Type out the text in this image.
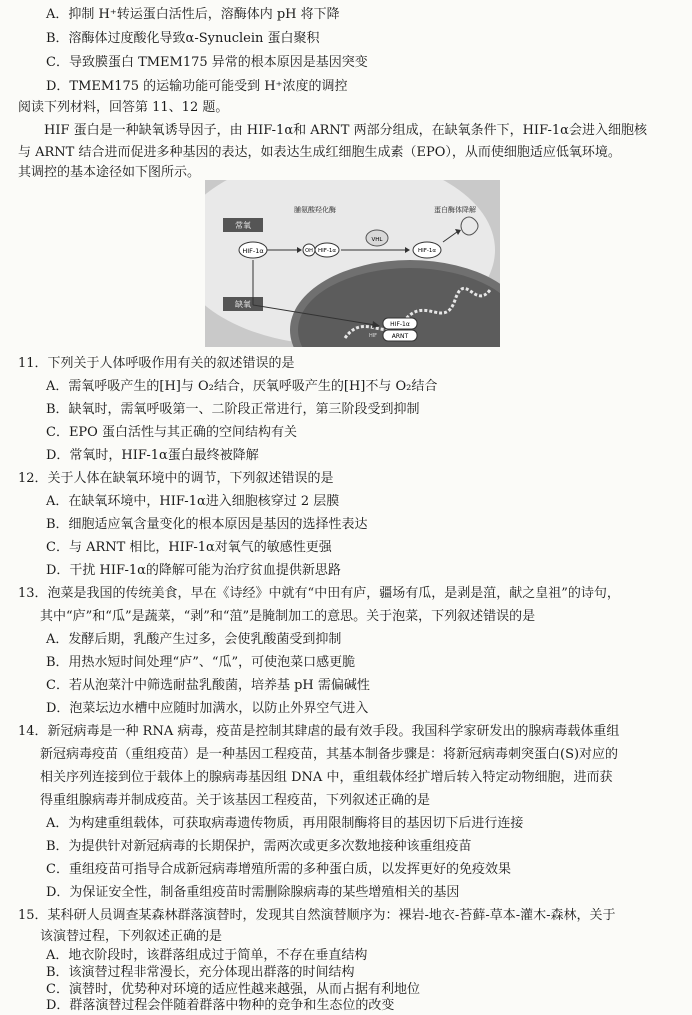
A．抑制 H⁺转运蛋白活性后，溶酶体内 pH 将下降
B．溶酶体过度酸化导致α-Synuclein 蛋白聚积
C．导致膜蛋白 TMEM175 异常的根本原因是基因突变
D．TMEM175 的运输功能可能受到 H⁺浓度的调控
阅读下列材料，回答第 11、12 题。
HIF 蛋白是一种缺氧诱导因子，由 HIF-1α和 ARNT 两部分组成，在缺氧条件下，HIF-1α会进入细胞核
与 ARNT 结合进而促进多种基因的表达，如表达生成红细胞生成素（EPO），从而使细胞适应低氧环境。
其调控的基本途径如下图所示。
常氧
脯氨酸羟化酶	蛋白酶体降解
HIF-1α	OH HIF-1α
VHL
HIF-1α
缺氧
HIF-1α
ARNT
HIF
11．下列关于人体呼吸作用有关的叙述错误的是
A．需氧呼吸产生的[H]与 O₂结合，厌氧呼吸产生的[H]不与 O₂结合
B．缺氧时，需氧呼吸第一、二阶段正常进行，第三阶段受到抑制
C．EPO 蛋白活性与其正确的空间结构有关
D．常氧时，HIF-1α蛋白最终被降解
12．关于人体在缺氧环境中的调节，下列叙述错误的是
A．在缺氧环境中，HIF-1α进入细胞核穿过 2 层膜
B．细胞适应氧含量变化的根本原因是基因的选择性表达
C．与 ARNT 相比，HIF-1α对氧气的敏感性更强
D．干扰 HIF-1α的降解可能为治疗贫血提供新思路
13．泡菜是我国的传统美食，早在《诗经》中就有“中田有庐，疆场有瓜，是剥是菹，献之皇祖”的诗句，
其中“庐”和“瓜”是蔬菜，“剥”和“菹”是腌制加工的意思。关于泡菜，下列叙述错误的是
A．发酵后期，乳酸产生过多，会使乳酸菌受到抑制
B．用热水短时间处理“庐”、“瓜”，可使泡菜口感更脆
C．若从泡菜汁中筛选耐盐乳酸菌，培养基 pH 需偏碱性
D．泡菜坛边水槽中应随时加满水，以防止外界空气进入
14．新冠病毒是一种 RNA 病毒，疫苗是控制其肆虐的最有效手段。我国科学家研发出的腺病毒载体重组
新冠病毒疫苗（重组疫苗）是一种基因工程疫苗，其基本制备步骤是：将新冠病毒刺突蛋白(S)对应的
相关序列连接到位于载体上的腺病毒基因组 DNA 中，重组载体经扩增后转入特定动物细胞，进而获
得重组腺病毒并制成疫苗。关于该基因工程疫苗，下列叙述正确的是
A．为构建重组载体，可获取病毒遗传物质，再用限制酶将目的基因切下后进行连接
B．为提供针对新冠病毒的长期保护，需两次或更多次数地接种该重组疫苗
C．重组疫苗可指导合成新冠病毒增殖所需的多种蛋白质，以发挥更好的免疫效果
D．为保证安全性，制备重组疫苗时需删除腺病毒的某些增殖相关的基因
15．某科研人员调查某森林群落演替时，发现其自然演替顺序为：裸岩-地衣-苔藓-草本-灌木-森林，关于
该演替过程，下列叙述正确的是
A．地衣阶段时，该群落组成过于简单，不存在垂直结构
B．该演替过程非常漫长，充分体现出群落的时间结构
C．演替时，优势种对环境的适应性越来越强，从而占据有利地位
D．群落演替过程会伴随着群落中物种的竞争和生态位的改变
